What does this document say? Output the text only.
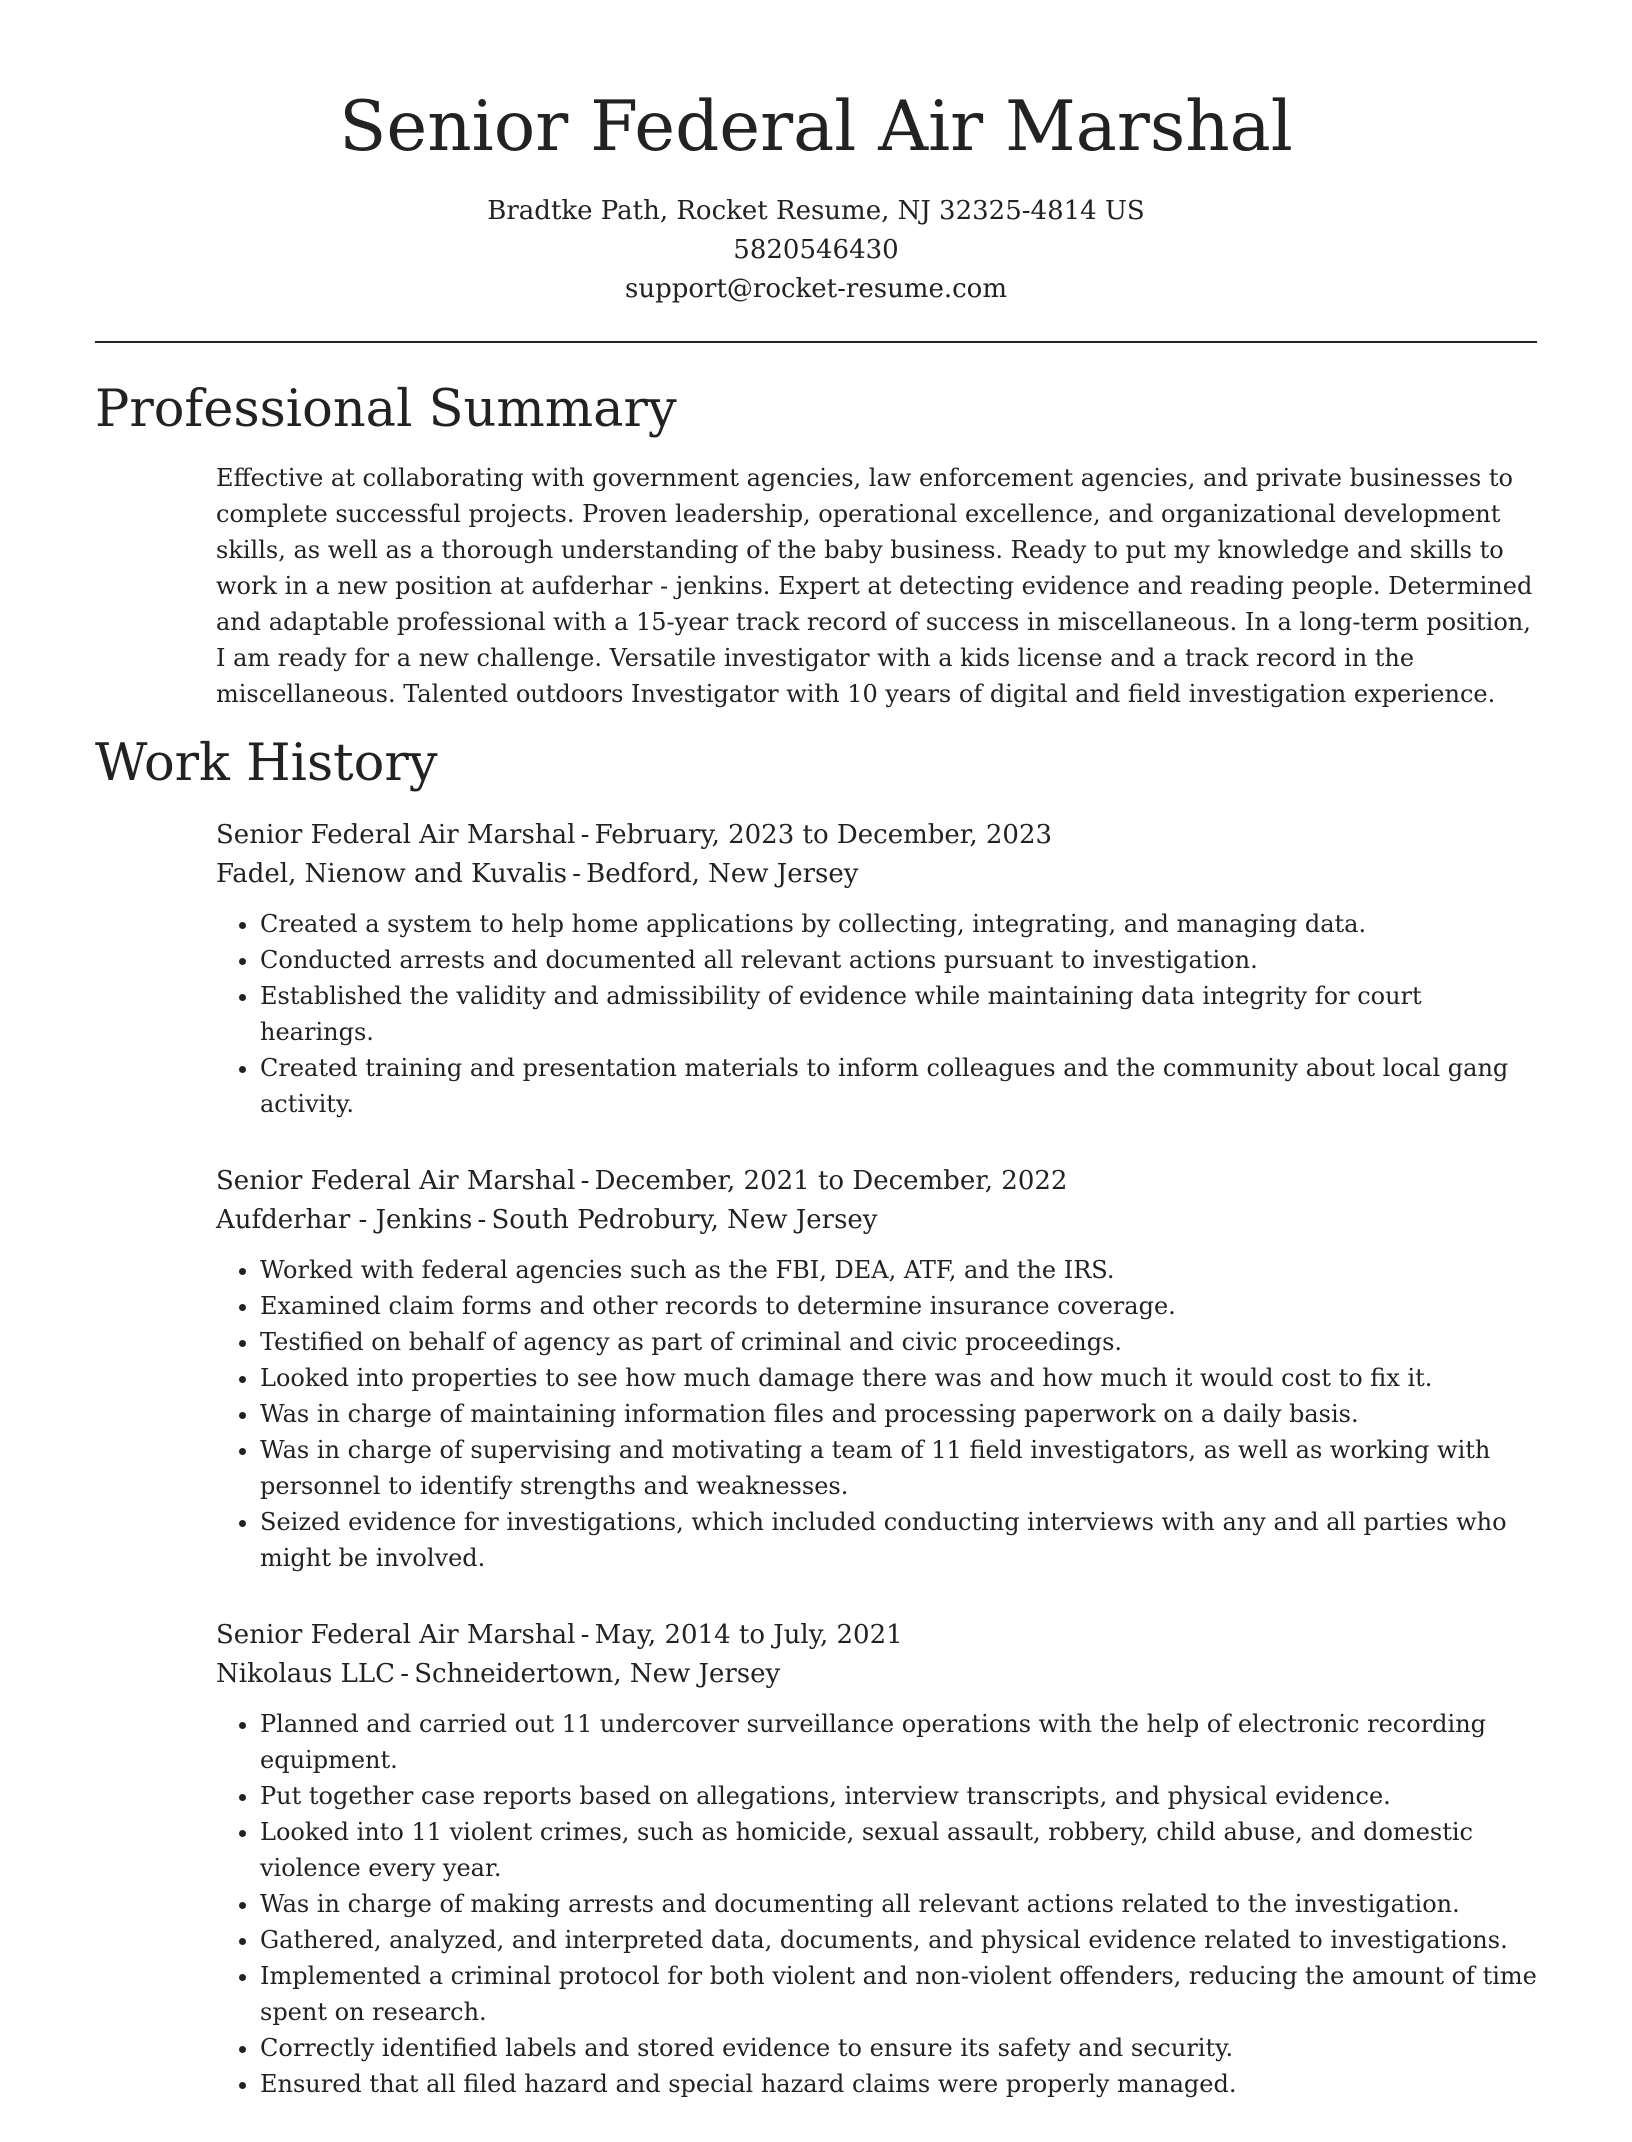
Senior Federal Air Marshal
Bradtke Path, Rocket Resume, NJ 32325-4814 US
5820546430
support@rocket-resume.com
Professional Summary

Effective at collaborating with government agencies, law enforcement agencies, and private businesses to complete successful projects. Proven leadership, operational excellence, and organizational development skills, as well as a thorough understanding of the baby business. Ready to put my knowledge and skills to work in a new position at aufderhar - jenkins. Expert at detecting evidence and reading people. Determined and adaptable professional with a 15-year track record of success in miscellaneous. In a long-term position, I am ready for a new challenge. Versatile investigator with a kids license and a track record in the miscellaneous. Talented outdoors Investigator with 10 years of digital and field investigation experience.

Work History
Senior Federal Air Marshal - February, 2023 to December, 2023
Fadel, Nienow and Kuvalis - Bedford, New Jersey
• Created a system to help home applications by collecting, integrating, and managing data.
• Conducted arrests and documented all relevant actions pursuant to investigation.
• Established the validity and admissibility of evidence while maintaining data integrity for court hearings.
• Created training and presentation materials to inform colleagues and the community about local gang activity.
Senior Federal Air Marshal - December, 2021 to December, 2022
Aufderhar - Jenkins - South Pedrobury, New Jersey
• Worked with federal agencies such as the FBI, DEA, ATF, and the IRS.
• Examined claim forms and other records to determine insurance coverage.
• Testified on behalf of agency as part of criminal and civic proceedings.
• Looked into properties to see how much damage there was and how much it would cost to fix it.
• Was in charge of maintaining information files and processing paperwork on a daily basis.
• Was in charge of supervising and motivating a team of 11 field investigators, as well as working with personnel to identify strengths and weaknesses.
• Seized evidence for investigations, which included conducting interviews with any and all parties who might be involved.
Senior Federal Air Marshal - May, 2014 to July, 2021
Nikolaus LLC - Schneidertown, New Jersey
• Planned and carried out 11 undercover surveillance operations with the help of electronic recording equipment.
• Put together case reports based on allegations, interview transcripts, and physical evidence.
• Looked into 11 violent crimes, such as homicide, sexual assault, robbery, child abuse, and domestic violence every year.
• Was in charge of making arrests and documenting all relevant actions related to the investigation.
• Gathered, analyzed, and interpreted data, documents, and physical evidence related to investigations.
• Implemented a criminal protocol for both violent and non-violent offenders, reducing the amount of time spent on research.
• Correctly identified labels and stored evidence to ensure its safety and security.
• Ensured that all filed hazard and special hazard claims were properly managed.
